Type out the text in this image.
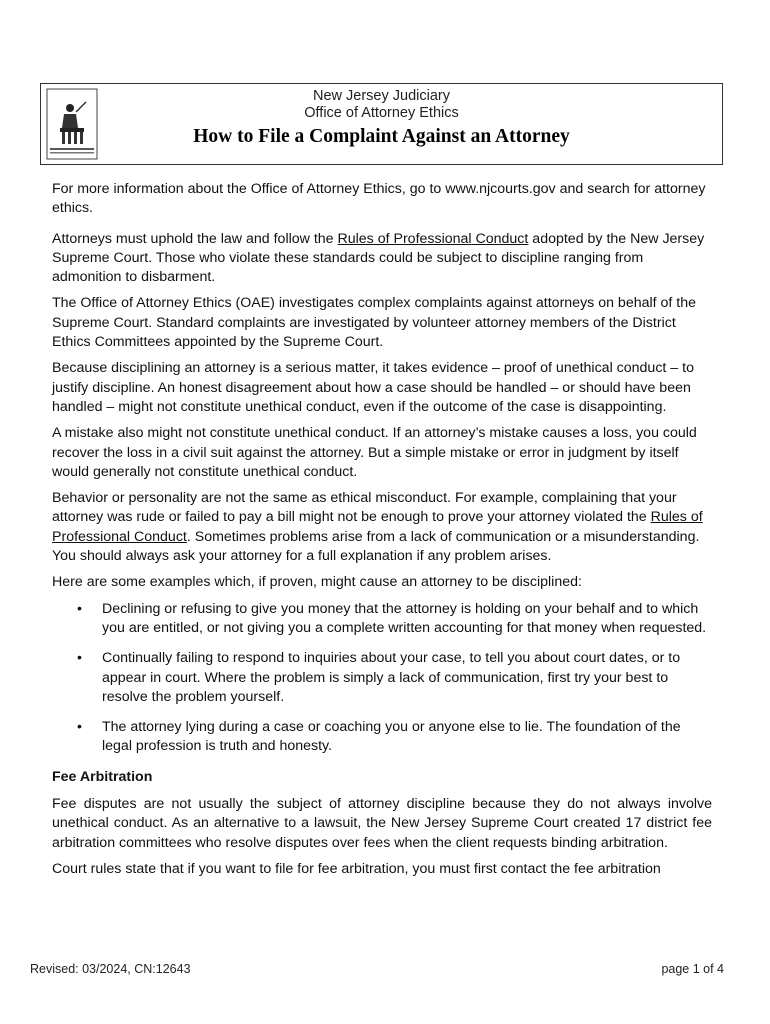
New Jersey Judiciary
Office of Attorney Ethics
How to File a Complaint Against an Attorney

For more information about the Office of Attorney Ethics, go to www.njcourts.gov and search for attorney ethics.

Attorneys must uphold the law and follow the Rules of Professional Conduct adopted by the New Jersey Supreme Court. Those who violate these standards could be subject to discipline ranging from admonition to disbarment.

The Office of Attorney Ethics (OAE) investigates complex complaints against attorneys on behalf of the Supreme Court. Standard complaints are investigated by volunteer attorney members of the District Ethics Committees appointed by the Supreme Court.

Because disciplining an attorney is a serious matter, it takes evidence – proof of unethical conduct – to justify discipline. An honest disagreement about how a case should be handled – or should have been handled – might not constitute unethical conduct, even if the outcome of the case is disappointing.

A mistake also might not constitute unethical conduct. If an attorney’s mistake causes a loss, you could recover the loss in a civil suit against the attorney. But a simple mistake or error in judgment by itself would generally not constitute unethical conduct.

Behavior or personality are not the same as ethical misconduct. For example, complaining that your attorney was rude or failed to pay a bill might not be enough to prove your attorney violated the Rules of Professional Conduct. Sometimes problems arise from a lack of communication or a misunderstanding. You should always ask your attorney for a full explanation if any problem arises.

Here are some examples which, if proven, might cause an attorney to be disciplined:

• Declining or refusing to give you money that the attorney is holding on your behalf and to which you are entitled, or not giving you a complete written accounting for that money when requested.
• Continually failing to respond to inquiries about your case, to tell you about court dates, or to appear in court. Where the problem is simply a lack of communication, first try your best to resolve the problem yourself.
• The attorney lying during a case or coaching you or anyone else to lie. The foundation of the legal profession is truth and honesty.
Fee Arbitration

Fee disputes are not usually the subject of attorney discipline because they do not always involve unethical conduct. As an alternative to a lawsuit, the New Jersey Supreme Court created 17 district fee arbitration committees who resolve disputes over fees when the client requests binding arbitration.

Court rules state that if you want to file for fee arbitration, you must first contact the fee arbitration

Revised: 03/2024, CN:12643	page 1 of 4
